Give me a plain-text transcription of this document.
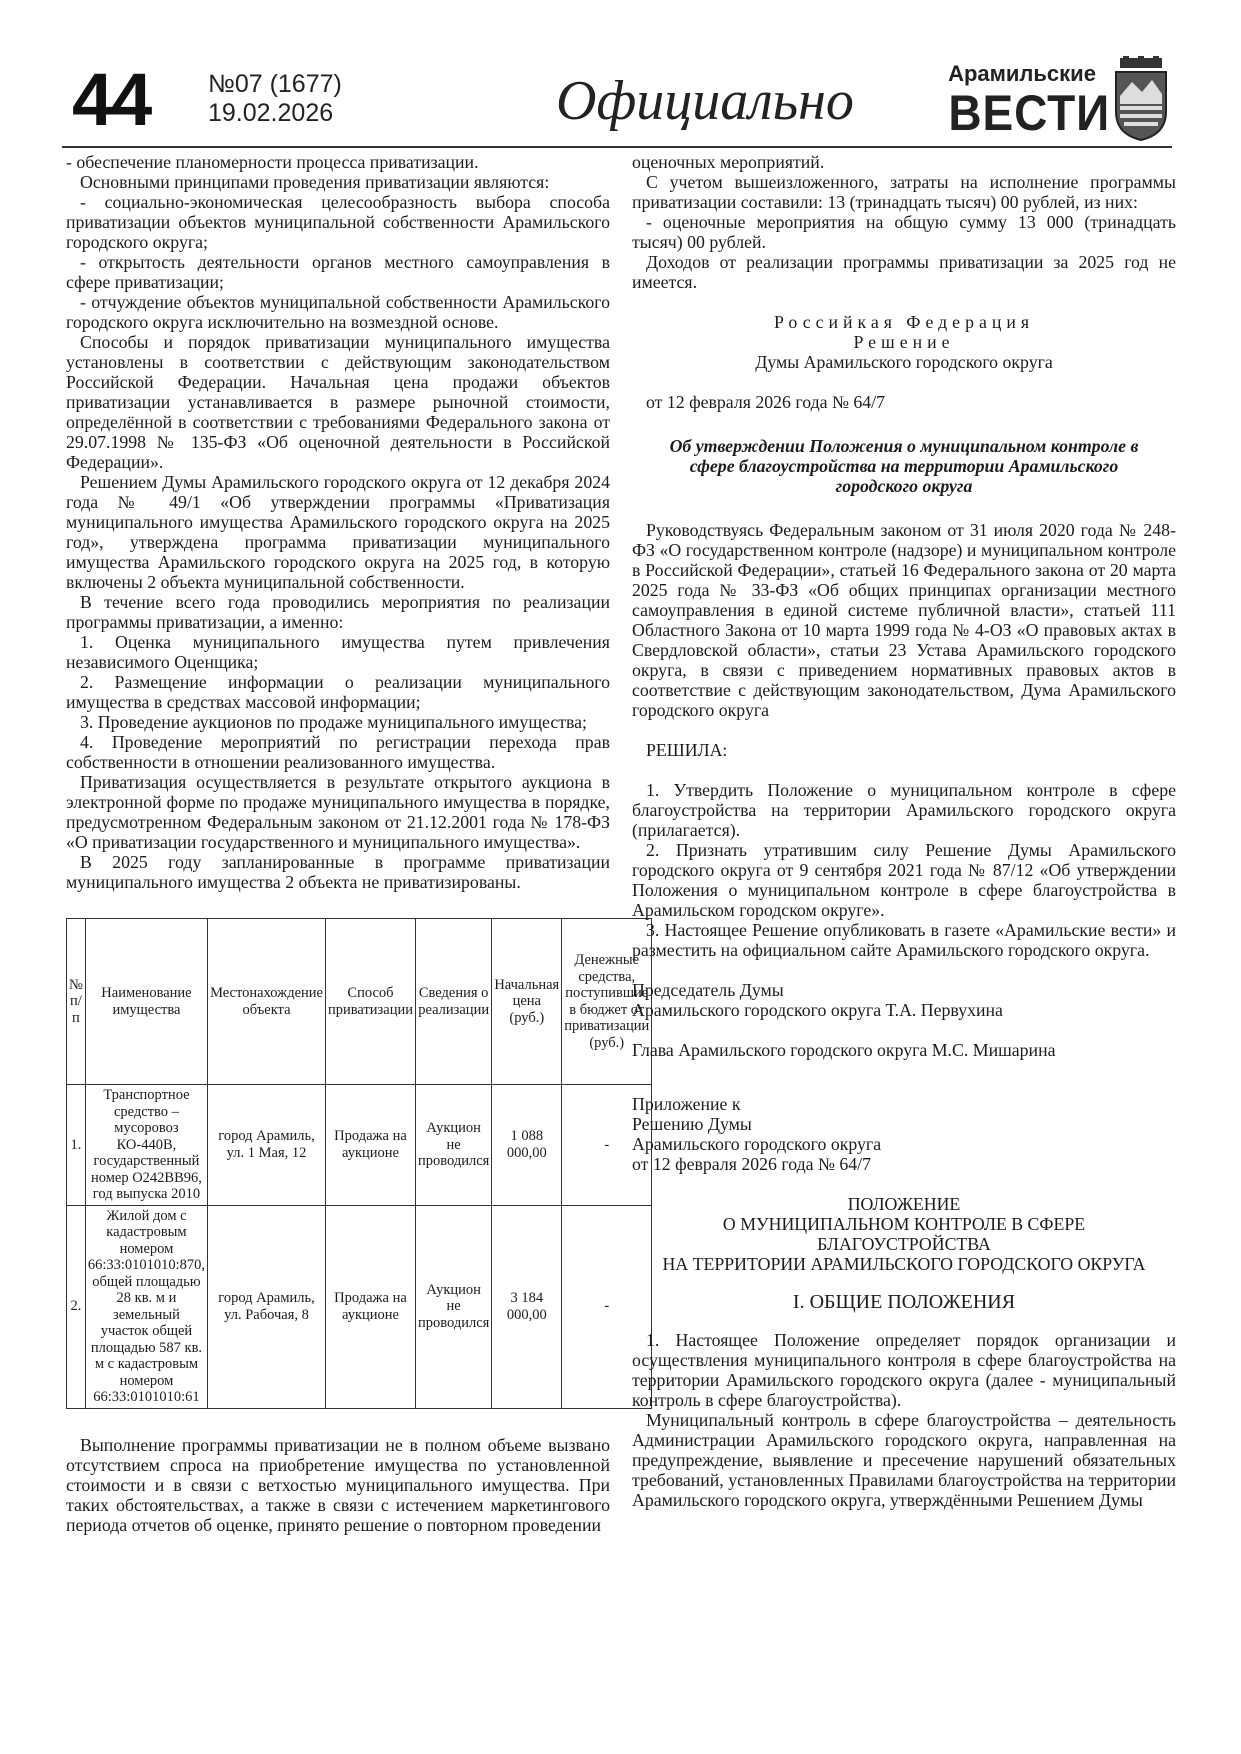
44 №07 (1677)
19.02.2026	Официально	Арамильские
ВЕСТИ

- обеспечение планомерности процесса приватизации.

Основными принципами проведения приватизации являются:

- социально-экономическая целесообразность выбора способа приватизации объектов муниципальной собственности Арамильского городского округа;

- открытость деятельности органов местного самоуправления в сфере приватизации;

- отчуждение объектов муниципальной собственности Арамильского городского округа исключительно на возмездной основе.

Способы и порядок приватизации муниципального имущества установлены в соответствии с действующим законодательством Российской Федерации. Начальная цена продажи объектов приватизации устанавливается в размере рыночной стоимости, определённой в соответствии с требованиями Федерального закона от 29.07.1998 № 135-ФЗ «Об оценочной деятельности в Российской Федерации».

Решением Думы Арамильского городского округа от 12 декабря 2024 года № 49/1 «Об утверждении программы «Приватизация муниципального имущества Арамильского городского округа на 2025 год», утверждена программа приватизации муниципального имущества Арамильского городского округа на 2025 год, в которую включены 2 объекта муниципальной собственности.

В течение всего года проводились мероприятия по реализации программы приватизации, а именно:

1. Оценка муниципального имущества путем привлечения независимого Оценщика;

2. Размещение информации о реализации муниципального имущества в средствах массовой информации;

3. Проведение аукционов по продаже муниципального имущества;

4. Проведение мероприятий по регистрации перехода прав собственности в отношении реализованного имущества.

Приватизация осуществляется в результате открытого аукциона в электронной форме по продаже муниципального имущества в порядке, предусмотренном Федеральным законом от 21.12.2001 года № 178-ФЗ «О приватизации государственного и муниципального имущества».

В 2025 году запланированные в программе приватизации муниципального имущества 2 объекта не приватизированы.

№ п/п	Наименование имущества	Местонахождение объекта	Способ приватизации	Сведения о реализации	Начальная цена (руб.)	Денежные средства, поступившие в бюджет от приватизации (руб.)
1.	Транспортное средство – мусоровоз КО-440В, государственный номер О242ВВ96, год выпуска 2010	город Арамиль, ул. 1 Мая, 12	Продажа на аукционе	Аукцион не проводился	1 088 000,00	-
2.	Жилой дом с кадастровым номером 66:33:0101010:870, общей площадью 28 кв. м и земельный участок общей площадью 587 кв. м с кадастровым номером 66:33:0101010:61	город Арамиль, ул. Рабочая, 8	Продажа на аукционе	Аукцион не проводился	3 184 000,00	-

Выполнение программы приватизации не в полном объеме вызвано отсутствием спроса на приобретение имущества по установленной стоимости и в связи с ветхостью муниципального имущества. При таких обстоятельствах, а также в связи с истечением маркетингового периода отчетов об оценке, принято решение о повторном проведении

оценочных мероприятий.

С учетом вышеизложенного, затраты на исполнение программы приватизации составили: 13 (тринадцать тысяч) 00 рублей, из них:

- оценочные мероприятия на общую сумму 13 000 (тринадцать тысяч) 00 рублей.

Доходов от реализации программы приватизации за 2025 год не имеется.

Российкая Федерация

Решение

Думы Арамильского городского округа

от 12 февраля 2026 года № 64/7

Об утверждении Положения о муниципальном контроле в сфере благоустройства на территории Арамильского городского округа

Руководствуясь Федеральным законом от 31 июля 2020 года № 248-ФЗ «О государственном контроле (надзоре) и муниципальном контроле в Российской Федерации», статьей 16 Федерального закона от 20 марта 2025 года № 33-ФЗ «Об общих принципах организации местного самоуправления в единой системе публичной власти», статьей 111 Областного Закона от 10 марта 1999 года № 4-ОЗ «О правовых актах в Свердловской области», статьи 23 Устава Арамильского городского округа, в связи с приведением нормативных правовых актов в соответствие с действующим законодательством, Дума Арамильского городского округа

РЕШИЛА:

1. Утвердить Положение о муниципальном контроле в сфере благоустройства на территории Арамильского городского округа (прилагается).

2. Признать утратившим силу Решение Думы Арамильского городского округа от 9 сентября 2021 года № 87/12 «Об утверждении Положения о муниципальном контроле в сфере благоустройства в Арамильском городском округе».

3. Настоящее Решение опубликовать в газете «Арамильские вести» и разместить на официальном сайте Арамильского городского округа.

Председатель Думы

Арамильского городского округа Т.А. Первухина

Глава Арамильского городского округа М.С. Мишарина

Приложение к

Решению Думы

Арамильского городского округа

от 12 февраля 2026 года № 64/7

ПОЛОЖЕНИЕ

О МУНИЦИПАЛЬНОМ КОНТРОЛЕ В СФЕРЕ БЛАГОУСТРОЙСТВА

НА ТЕРРИТОРИИ АРАМИЛЬСКОГО ГОРОДСКОГО ОКРУГА

I. ОБЩИЕ ПОЛОЖЕНИЯ

1. Настоящее Положение определяет порядок организации и осуществления муниципального контроля в сфере благоустройства на территории Арамильского городского округа (далее - муниципальный контроль в сфере благоустройства).

Муниципальный контроль в сфере благоустройства – деятельность Администрации Арамильского городского округа, направленная на предупреждение, выявление и пресечение нарушений обязательных требований, установленных Правилами благоустройства на территории Арамильского городского округа, утверждёнными Решением Думы
